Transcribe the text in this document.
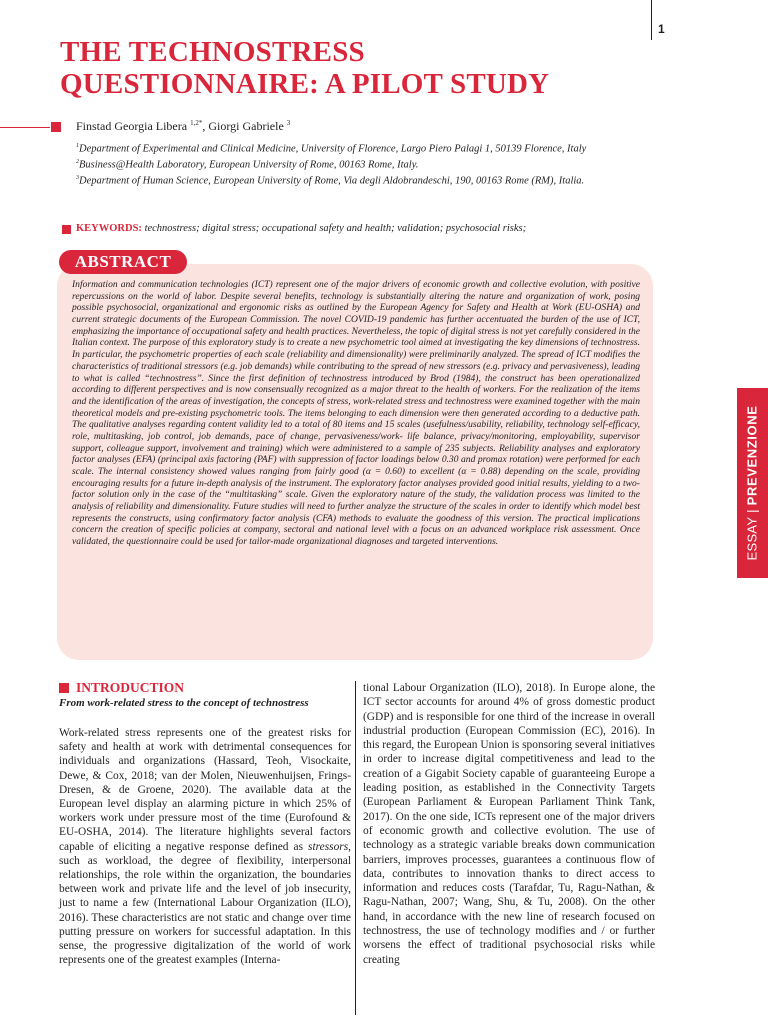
1
THE TECHNOSTRESS
QUESTIONNAIRE: A PILOT STUDY
Finstad Georgia Libera $^{1,2*}$, Giorgi Gabriele $^3$

$^1$Department of Experimental and Clinical Medicine, University of Florence, Largo Piero Palagi 1, 50139 Florence, Italy

$^2$Business@Health Laboratory, European University of Rome, 00163 Rome, Italy.

$^3$Department of Human Science, European University of Rome, Via degli Aldobrandeschi, 190, 00163 Rome (RM), Italia.

KEYWORDS: technostress; digital stress; occupational safety and health; validation; psychosocial risks;
ABSTRACT

Information and communication technologies (ICT) represent one of the major drivers of economic growth and collective evolution, with positive repercussions on the world of labor. Despite several benefits, technology is substantially altering the nature and organization of work, posing possible psychosocial, organizational and ergonomic risks as outlined by the European Agency for Safety and Health at Work (EU-OSHA) and current strategic documents of the European Commission. The novel COVID-19 pandemic has further accentuated the burden of the use of ICT, emphasizing the importance of occupational safety and health practices. Nevertheless, the topic of digital stress is not yet carefully considered in the Italian context. The purpose of this exploratory study is to create a new psychometric tool aimed at investigating the key dimensions of technostress. In particular, the psychometric properties of each scale (reliability and dimensionality) were preliminarily analyzed. The spread of ICT modifies the characteristics of traditional stressors (e.g. job demands) while contributing to the spread of new stressors (e.g. privacy and pervasiveness), leading to what is called “technostress”. Since the first definition of technostress introduced by Brod (1984), the construct has been operationalized according to different perspectives and is now consensually recognized as a major threat to the health of workers. For the realization of the items and the identification of the areas of investigation, the concepts of stress, work-related stress and technostress were examined together with the main theoretical models and pre-existing psychometric tools. The items belonging to each dimension were then generated according to a deductive path. The qualitative analyses regarding content validity led to a total of 80 items and 15 scales (usefulness/usability, reliability, technology self-efficacy, role, multitasking, job control, job demands, pace of change, pervasiveness/work- life balance, privacy/monitoring, employability, supervisor support, colleague support, involvement and training) which were administered to a sample of 235 subjects. Reliability analyses and exploratory factor analyses (EFA) (principal axis factoring (PAF) with suppression of factor loadings below 0.30 and promax rotation) were performed for each scale. The internal consistency showed values ranging from fairly good (α = 0.60) to excellent (α = 0.88) depending on the scale, providing encouraging results for a future in-depth analysis of the instrument. The exploratory factor analyses provided good initial results, yielding to a two-factor solution only in the case of the “multitasking” scale. Given the exploratory nature of the study, the validation process was limited to the analysis of reliability and dimensionality. Future studies will need to further analyze the structure of the scales in order to identify which model best represents the constructs, using confirmatory factor analysis (CFA) methods to evaluate the goodness of this version. The practical implications concern the creation of specific policies at company, sectoral and national level with a focus on an advanced workplace risk assessment. Once validated, the questionnaire could be used for tailor-made organizational diagnoses and targeted interventions.	ESSAY | PREVENZIONE
INTRODUCTION

From work-related stress to the concept of technostress

Work-related stress represents one of the greatest risks for safety and health at work with detrimental consequences for individuals and organizations (Hassard, Teoh, Visockaite, Dewe, & Cox, 2018; van der Molen, Nieuwenhuijsen, Frings-Dresen, & de Groene, 2020). The available data at the European level display an alarming picture in which 25% of workers work under pressure most of the time (Eurofound & EU-OSHA, 2014). The literature highlights several factors capable of eliciting a negative response defined as stressors, such as workload, the degree of flexibility, interpersonal relationships, the role within the organization, the boundaries between work and private life and the level of job insecurity, just to name a few (International Labour Organization (ILO), 2016). These characteristics are not static and change over time putting pressure on workers for successful adaptation. In this sense, the progressive digitalization of the world of work represents one of the greatest examples (Interna-

tional Labour Organization (ILO), 2018). In Europe alone, the ICT sector accounts for around 4% of gross domestic product (GDP) and is responsible for one third of the increase in overall industrial production (European Commission (EC), 2016). In this regard, the European Union is sponsoring several initiatives in order to increase digital competitiveness and lead to the creation of a Gigabit Society capable of guaranteeing Europe a leading position, as established in the Connectivity Targets (European Parliament & European Parliament Think Tank, 2017). On the one side, ICTs represent one of the major drivers of economic growth and collective evolution. The use of technology as a strategic variable breaks down communication barriers, improves processes, guarantees a continuous flow of data, contributes to innovation thanks to direct access to information and reduces costs (Tarafdar, Tu, Ragu-Nathan, & Ragu-Nathan, 2007; Wang, Shu, & Tu, 2008). On the other hand, in accordance with the new line of research focused on technostress, the use of technology modifies and / or further worsens the effect of traditional psychosocial risks while creating
